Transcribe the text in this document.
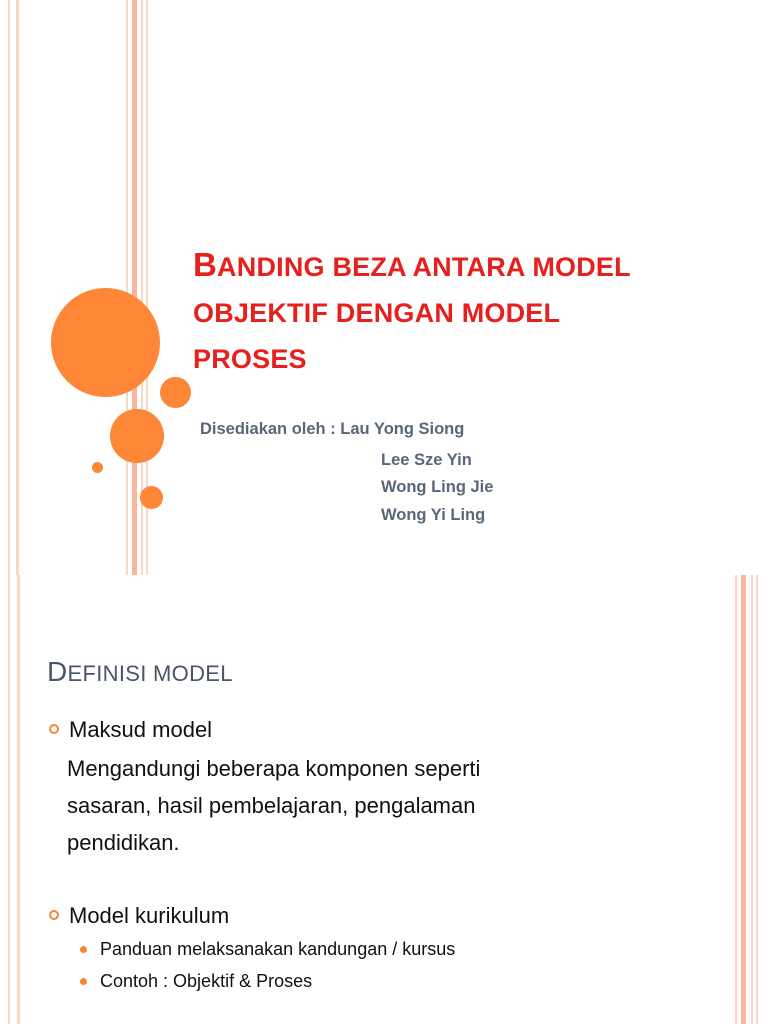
BANDING BEZA ANTARA MODEL
OBJEKTIF DENGAN MODEL
PROSES
Disediakan oleh : Lau Yong Siong
Lee Sze Yin
Wong Ling Jie
Wong Yi Ling
DEFINISI MODEL
Maksud model
Mengandungi beberapa komponen seperti
sasaran, hasil pembelajaran, pengalaman
pendidikan.
Model kurikulum
Panduan melaksanakan kandungan / kursus
Contoh : Objektif & Proses
